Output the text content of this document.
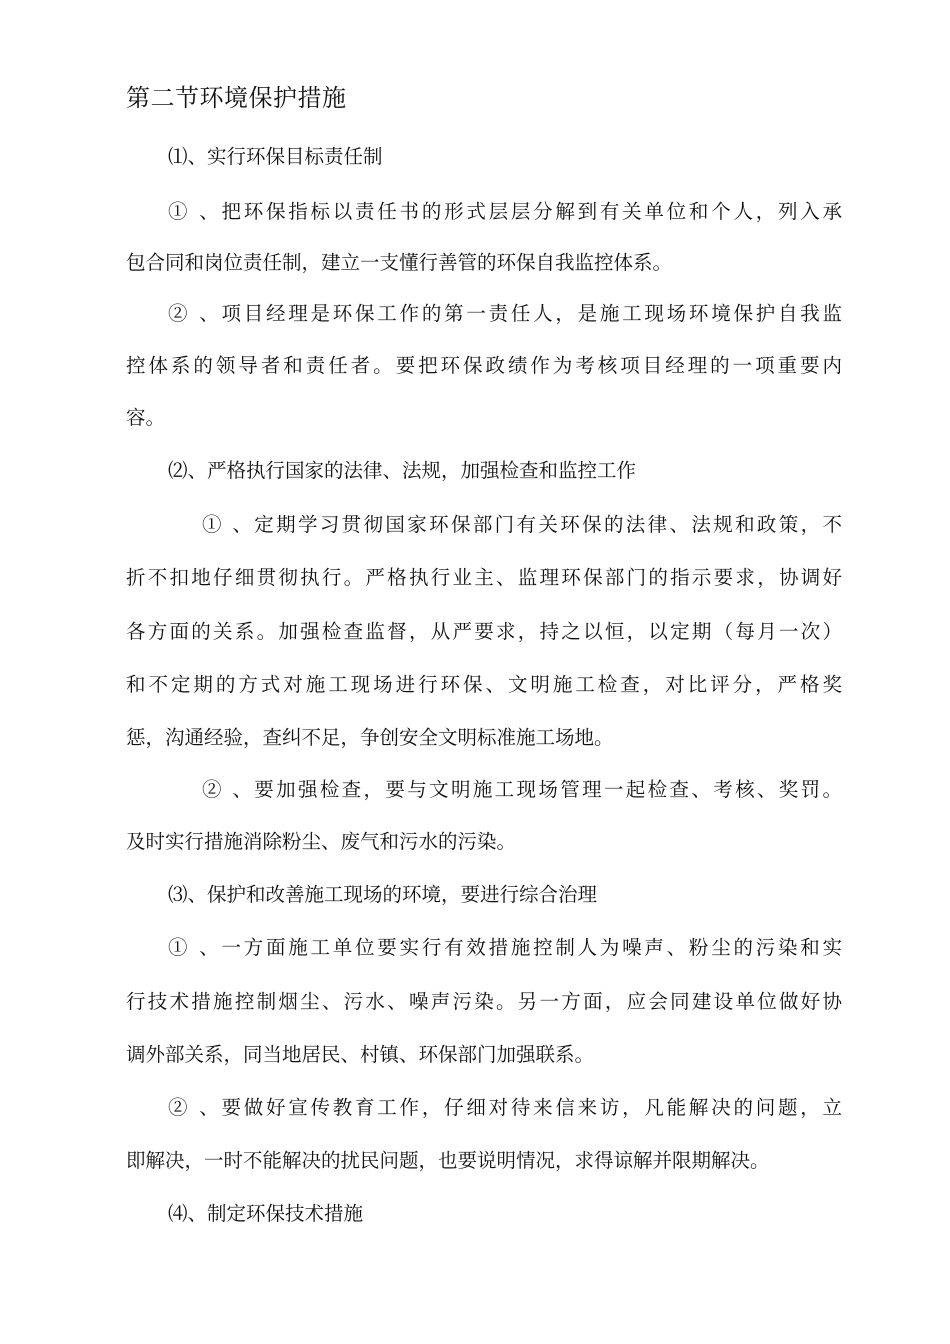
第二节环境保护措施
⑴、实行环保目标责任制
① 、把环保指标以责任书的形式层层分解到有关单位和个人，列入承
包合同和岗位责任制，建立一支懂行善管的环保自我监控体系。
② 、项目经理是环保工作的第一责任人，是施工现场环境保护自我监
控体系的领导者和责任者。要把环保政绩作为考核项目经理的一项重要内
容。
⑵、严格执行国家的法律、法规，加强检查和监控工作
① 、定期学习贯彻国家环保部门有关环保的法律、法规和政策，不
折不扣地仔细贯彻执行。严格执行业主、监理环保部门的指示要求，协调好
各方面的关系。加强检查监督，从严要求，持之以恒，以定期（每月一次）
和不定期的方式对施工现场进行环保、文明施工检查，对比评分，严格奖
惩，沟通经验，查纠不足，争创安全文明标准施工场地。
② 、要加强检查，要与文明施工现场管理一起检查、考核、奖罚。
及时实行措施消除粉尘、废气和污水的污染。
⑶、保护和改善施工现场的环境，要进行综合治理
① 、一方面施工单位要实行有效措施控制人为噪声、粉尘的污染和实
行技术措施控制烟尘、污水、噪声污染。另一方面，应会同建设单位做好协
调外部关系，同当地居民、村镇、环保部门加强联系。
② 、要做好宣传教育工作，仔细对待来信来访，凡能解决的问题，立
即解决，一时不能解决的扰民问题，也要说明情况，求得谅解并限期解决。
⑷、制定环保技术措施
